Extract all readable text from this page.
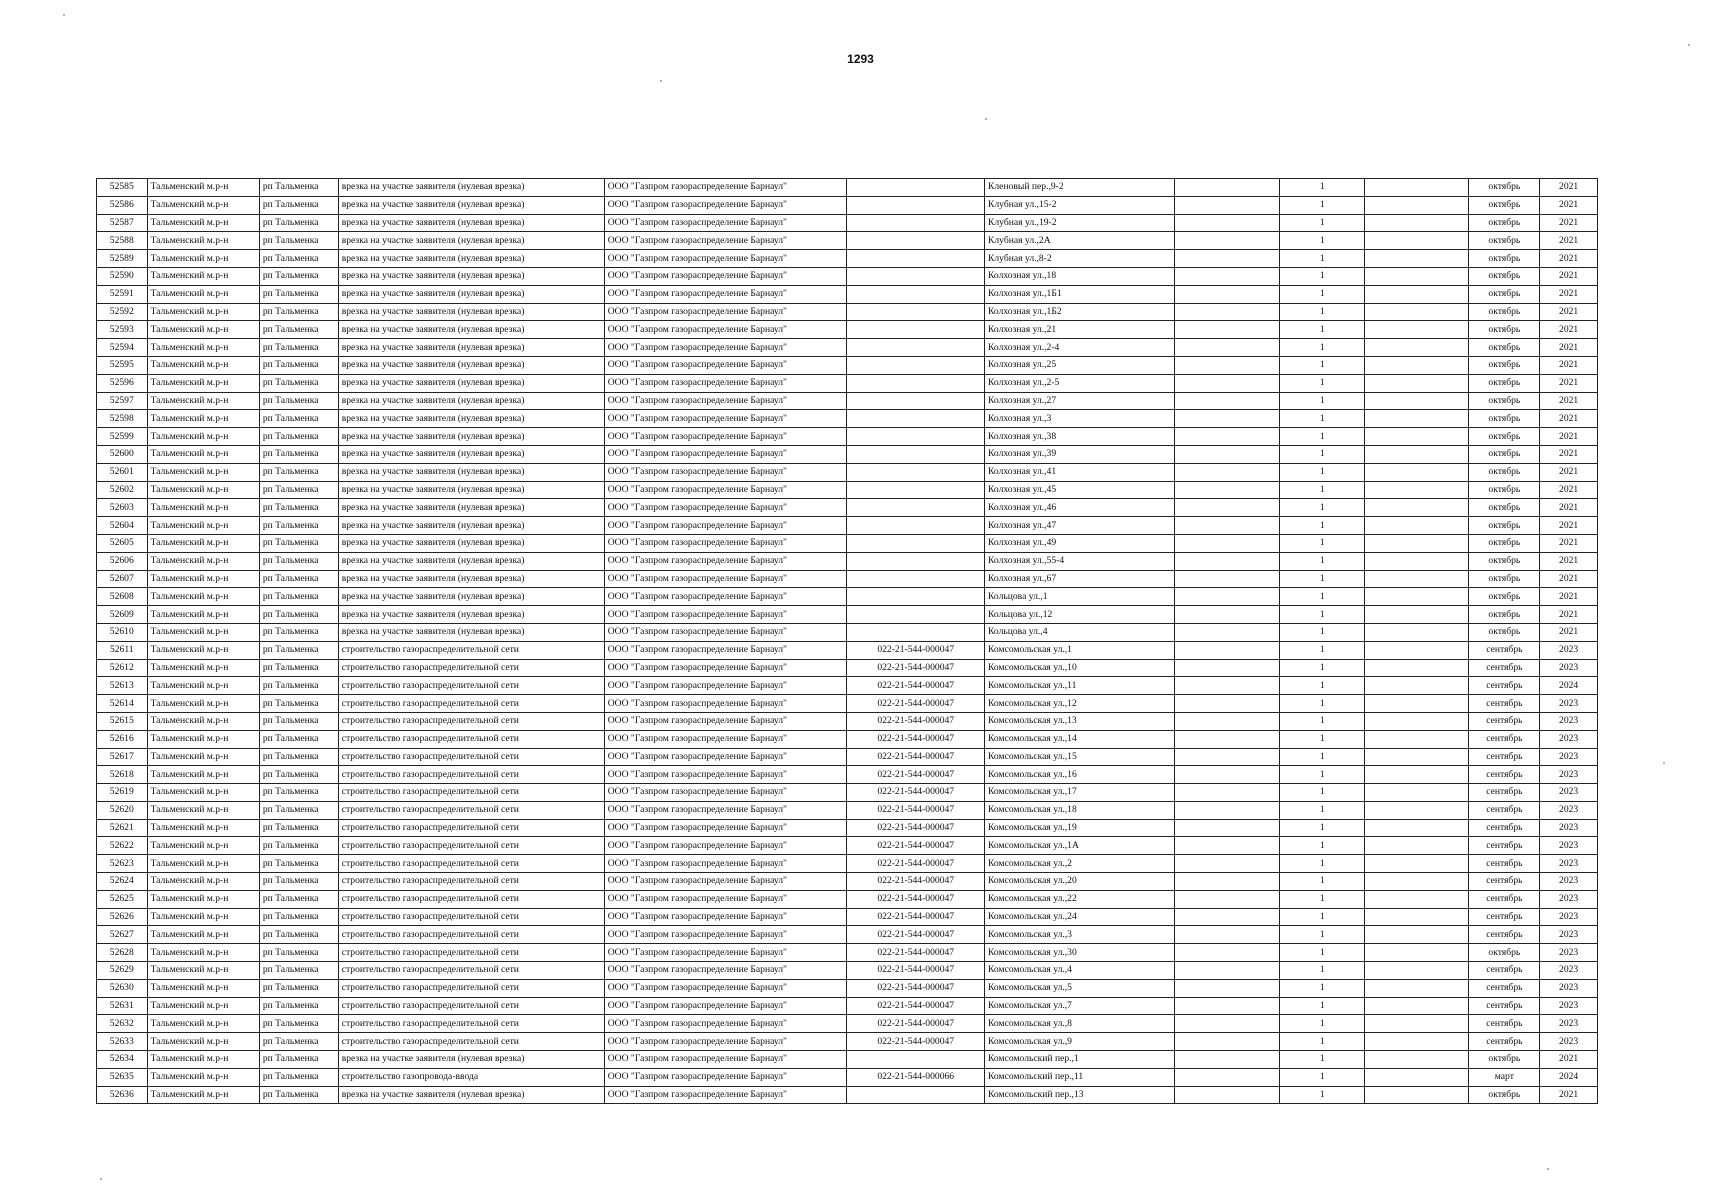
1293
52585	Тальменский м.р-н	рп Тальменка	врезка на участке заявителя (нулевая врезка)	ООО "Газпром газораспределение Барнаул"		Кленовый пер.,9-2		1		октябрь	2021
52586	Тальменский м.р-н	рп Тальменка	врезка на участке заявителя (нулевая врезка)	ООО "Газпром газораспределение Барнаул"		Клубная ул.,15-2		1		октябрь	2021
52587	Тальменский м.р-н	рп Тальменка	врезка на участке заявителя (нулевая врезка)	ООО "Газпром газораспределение Барнаул"		Клубная ул.,19-2		1		октябрь	2021
52588	Тальменский м.р-н	рп Тальменка	врезка на участке заявителя (нулевая врезка)	ООО "Газпром газораспределение Барнаул"		Клубная ул.,2А		1		октябрь	2021
52589	Тальменский м.р-н	рп Тальменка	врезка на участке заявителя (нулевая врезка)	ООО "Газпром газораспределение Барнаул"		Клубная ул.,8-2		1		октябрь	2021
52590	Тальменский м.р-н	рп Тальменка	врезка на участке заявителя (нулевая врезка)	ООО "Газпром газораспределение Барнаул"		Колхозная ул.,18		1		октябрь	2021
52591	Тальменский м.р-н	рп Тальменка	врезка на участке заявителя (нулевая врезка)	ООО "Газпром газораспределение Барнаул"		Колхозная ул.,1Б1		1		октябрь	2021
52592	Тальменский м.р-н	рп Тальменка	врезка на участке заявителя (нулевая врезка)	ООО "Газпром газораспределение Барнаул"		Колхозная ул.,1Б2		1		октябрь	2021
52593	Тальменский м.р-н	рп Тальменка	врезка на участке заявителя (нулевая врезка)	ООО "Газпром газораспределение Барнаул"		Колхозная ул.,21		1		октябрь	2021
52594	Тальменский м.р-н	рп Тальменка	врезка на участке заявителя (нулевая врезка)	ООО "Газпром газораспределение Барнаул"		Колхозная ул.,2-4		1		октябрь	2021
52595	Тальменский м.р-н	рп Тальменка	врезка на участке заявителя (нулевая врезка)	ООО "Газпром газораспределение Барнаул"		Колхозная ул.,25		1		октябрь	2021
52596	Тальменский м.р-н	рп Тальменка	врезка на участке заявителя (нулевая врезка)	ООО "Газпром газораспределение Барнаул"		Колхозная ул.,2-5		1		октябрь	2021
52597	Тальменский м.р-н	рп Тальменка	врезка на участке заявителя (нулевая врезка)	ООО "Газпром газораспределение Барнаул"		Колхозная ул.,27		1		октябрь	2021
52598	Тальменский м.р-н	рп Тальменка	врезка на участке заявителя (нулевая врезка)	ООО "Газпром газораспределение Барнаул"		Колхозная ул.,3		1		октябрь	2021
52599	Тальменский м.р-н	рп Тальменка	врезка на участке заявителя (нулевая врезка)	ООО "Газпром газораспределение Барнаул"		Колхозная ул.,38		1		октябрь	2021
52600	Тальменский м.р-н	рп Тальменка	врезка на участке заявителя (нулевая врезка)	ООО "Газпром газораспределение Барнаул"		Колхозная ул.,39		1		октябрь	2021
52601	Тальменский м.р-н	рп Тальменка	врезка на участке заявителя (нулевая врезка)	ООО "Газпром газораспределение Барнаул"		Колхозная ул.,41		1		октябрь	2021
52602	Тальменский м.р-н	рп Тальменка	врезка на участке заявителя (нулевая врезка)	ООО "Газпром газораспределение Барнаул"		Колхозная ул.,45		1		октябрь	2021
52603	Тальменский м.р-н	рп Тальменка	врезка на участке заявителя (нулевая врезка)	ООО "Газпром газораспределение Барнаул"		Колхозная ул.,46		1		октябрь	2021
52604	Тальменский м.р-н	рп Тальменка	врезка на участке заявителя (нулевая врезка)	ООО "Газпром газораспределение Барнаул"		Колхозная ул.,47		1		октябрь	2021
52605	Тальменский м.р-н	рп Тальменка	врезка на участке заявителя (нулевая врезка)	ООО "Газпром газораспределение Барнаул"		Колхозная ул.,49		1		октябрь	2021
52606	Тальменский м.р-н	рп Тальменка	врезка на участке заявителя (нулевая врезка)	ООО "Газпром газораспределение Барнаул"		Колхозная ул.,55-4		1		октябрь	2021
52607	Тальменский м.р-н	рп Тальменка	врезка на участке заявителя (нулевая врезка)	ООО "Газпром газораспределение Барнаул"		Колхозная ул.,67		1		октябрь	2021
52608	Тальменский м.р-н	рп Тальменка	врезка на участке заявителя (нулевая врезка)	ООО "Газпром газораспределение Барнаул"		Кольцова ул.,1		1		октябрь	2021
52609	Тальменский м.р-н	рп Тальменка	врезка на участке заявителя (нулевая врезка)	ООО "Газпром газораспределение Барнаул"		Кольцова ул.,12		1		октябрь	2021
52610	Тальменский м.р-н	рп Тальменка	врезка на участке заявителя (нулевая врезка)	ООО "Газпром газораспределение Барнаул"		Кольцова ул.,4		1		октябрь	2021
52611	Тальменский м.р-н	рп Тальменка	строительство газораспределительной сети	ООО "Газпром газораспределение Барнаул"	022-21-544-000047	Комсомольская ул.,1		1		сентябрь	2023
52612	Тальменский м.р-н	рп Тальменка	строительство газораспределительной сети	ООО "Газпром газораспределение Барнаул"	022-21-544-000047	Комсомольская ул.,10		1		сентябрь	2023
52613	Тальменский м.р-н	рп Тальменка	строительство газораспределительной сети	ООО "Газпром газораспределение Барнаул"	022-21-544-000047	Комсомольская ул.,11		1		сентябрь	2024
52614	Тальменский м.р-н	рп Тальменка	строительство газораспределительной сети	ООО "Газпром газораспределение Барнаул"	022-21-544-000047	Комсомольская ул.,12		1		сентябрь	2023
52615	Тальменский м.р-н	рп Тальменка	строительство газораспределительной сети	ООО "Газпром газораспределение Барнаул"	022-21-544-000047	Комсомольская ул.,13		1		сентябрь	2023
52616	Тальменский м.р-н	рп Тальменка	строительство газораспределительной сети	ООО "Газпром газораспределение Барнаул"	022-21-544-000047	Комсомольская ул.,14		1		сентябрь	2023
52617	Тальменский м.р-н	рп Тальменка	строительство газораспределительной сети	ООО "Газпром газораспределение Барнаул"	022-21-544-000047	Комсомольская ул.,15		1		сентябрь	2023
52618	Тальменский м.р-н	рп Тальменка	строительство газораспределительной сети	ООО "Газпром газораспределение Барнаул"	022-21-544-000047	Комсомольская ул.,16		1		сентябрь	2023
52619	Тальменский м.р-н	рп Тальменка	строительство газораспределительной сети	ООО "Газпром газораспределение Барнаул"	022-21-544-000047	Комсомольская ул.,17		1		сентябрь	2023
52620	Тальменский м.р-н	рп Тальменка	строительство газораспределительной сети	ООО "Газпром газораспределение Барнаул"	022-21-544-000047	Комсомольская ул.,18		1		сентябрь	2023
52621	Тальменский м.р-н	рп Тальменка	строительство газораспределительной сети	ООО "Газпром газораспределение Барнаул"	022-21-544-000047	Комсомольская ул.,19		1		сентябрь	2023
52622	Тальменский м.р-н	рп Тальменка	строительство газораспределительной сети	ООО "Газпром газораспределение Барнаул"	022-21-544-000047	Комсомольская ул.,1А		1		сентябрь	2023
52623	Тальменский м.р-н	рп Тальменка	строительство газораспределительной сети	ООО "Газпром газораспределение Барнаул"	022-21-544-000047	Комсомольская ул.,2		1		сентябрь	2023
52624	Тальменский м.р-н	рп Тальменка	строительство газораспределительной сети	ООО "Газпром газораспределение Барнаул"	022-21-544-000047	Комсомольская ул.,20		1		сентябрь	2023
52625	Тальменский м.р-н	рп Тальменка	строительство газораспределительной сети	ООО "Газпром газораспределение Барнаул"	022-21-544-000047	Комсомольская ул.,22		1		сентябрь	2023
52626	Тальменский м.р-н	рп Тальменка	строительство газораспределительной сети	ООО "Газпром газораспределение Барнаул"	022-21-544-000047	Комсомольская ул.,24		1		сентябрь	2023
52627	Тальменский м.р-н	рп Тальменка	строительство газораспределительной сети	ООО "Газпром газораспределение Барнаул"	022-21-544-000047	Комсомольская ул.,3		1		сентябрь	2023
52628	Тальменский м.р-н	рп Тальменка	строительство газораспределительной сети	ООО "Газпром газораспределение Барнаул"	022-21-544-000047	Комсомольская ул.,30		1		октябрь	2023
52629	Тальменский м.р-н	рп Тальменка	строительство газораспределительной сети	ООО "Газпром газораспределение Барнаул"	022-21-544-000047	Комсомольская ул.,4		1		сентябрь	2023
52630	Тальменский м.р-н	рп Тальменка	строительство газораспределительной сети	ООО "Газпром газораспределение Барнаул"	022-21-544-000047	Комсомольская ул.,5		1		сентябрь	2023
52631	Тальменский м.р-н	рп Тальменка	строительство газораспределительной сети	ООО "Газпром газораспределение Барнаул"	022-21-544-000047	Комсомольская ул.,7		1		сентябрь	2023
52632	Тальменский м.р-н	рп Тальменка	строительство газораспределительной сети	ООО "Газпром газораспределение Барнаул"	022-21-544-000047	Комсомольская ул.,8		1		сентябрь	2023
52633	Тальменский м.р-н	рп Тальменка	строительство газораспределительной сети	ООО "Газпром газораспределение Барнаул"	022-21-544-000047	Комсомольская ул.,9		1		сентябрь	2023
52634	Тальменский м.р-н	рп Тальменка	врезка на участке заявителя (нулевая врезка)	ООО "Газпром газораспределение Барнаул"		Комсомольский пер.,1		1		октябрь	2021
52635	Тальменский м.р-н	рп Тальменка	строительство газопровода-ввода	ООО "Газпром газораспределение Барнаул"	022-21-544-000066	Комсомольский пер.,11		1		март	2024
52636	Тальменский м.р-н	рп Тальменка	врезка на участке заявителя (нулевая врезка)	ООО "Газпром газораспределение Барнаул"		Комсомольский пер.,13		1		октябрь	2021
